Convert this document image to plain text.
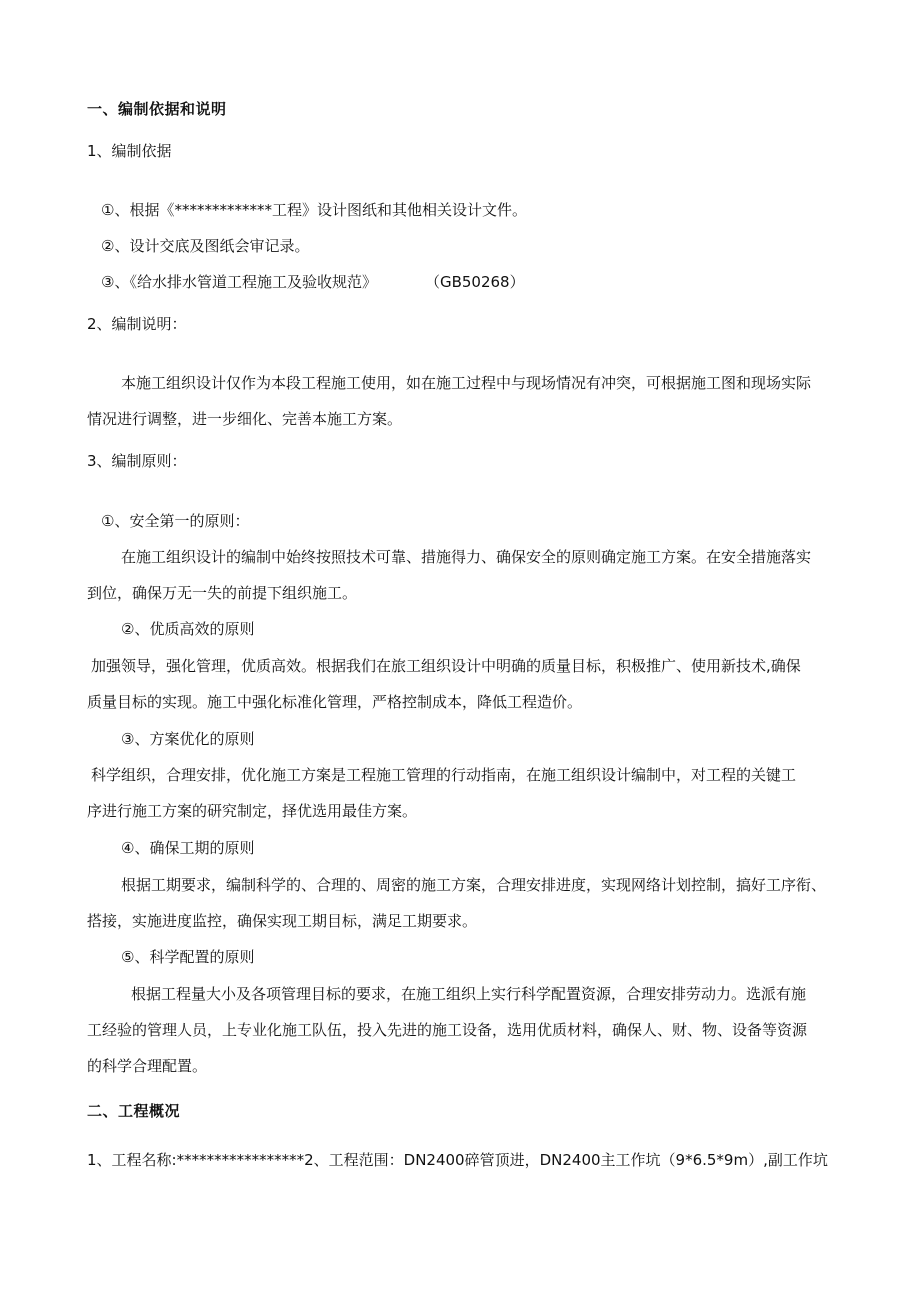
一、编制依据和说明
1、编制依据
①、根据《*************工程》设计图纸和其他相关设计文件。
②、设计交底及图纸会审记录。
③、《给水排水管道工程施工及验收规范》	（GB50268）
2、编制说明：
本施工组织设计仅作为本段工程施工使用，如在施工过程中与现场情况有冲突，可根据施工图和现场实际
情况进行调整，进一步细化、完善本施工方案。
3、编制原则：
①、安全第一的原则：
在施工组织设计的编制中始终按照技术可靠、措施得力、确保安全的原则确定施工方案。在安全措施落实
到位，确保万无一失的前提下组织施工。
②、优质高效的原则
加强领导，强化管理，优质高效。根据我们在旅工组织设计中明确的质量目标，积极推广、使用新技术,确保
质量目标的实现。施工中强化标准化管理，严格控制成本，降低工程造价。
③、方案优化的原则
科学组织，合理安排，优化施工方案是工程施工管理的行动指南，在施工组织设计编制中，对工程的关键工
序进行施工方案的研究制定，择优选用最佳方案。
④、确保工期的原则
根据工期要求，编制科学的、合理的、周密的施工方案，合理安排进度，实现网络计划控制，搞好工序衔、
搭接，实施进度监控，确保实现工期目标，满足工期要求。
⑤、科学配置的原则
根据工程量大小及各项管理目标的要求，在施工组织上实行科学配置资源，合理安排劳动力。选派有施
工经验的管理人员，上专业化施工队伍，投入先进的施工设备，选用优质材料，确保人、财、物、设备等资源
的科学合理配置。
二、工程概况
1、工程名称:*****************2、工程范围：DN2400碎管顶进，DN2400主工作坑（9*6.5*9m）,副工作坑
